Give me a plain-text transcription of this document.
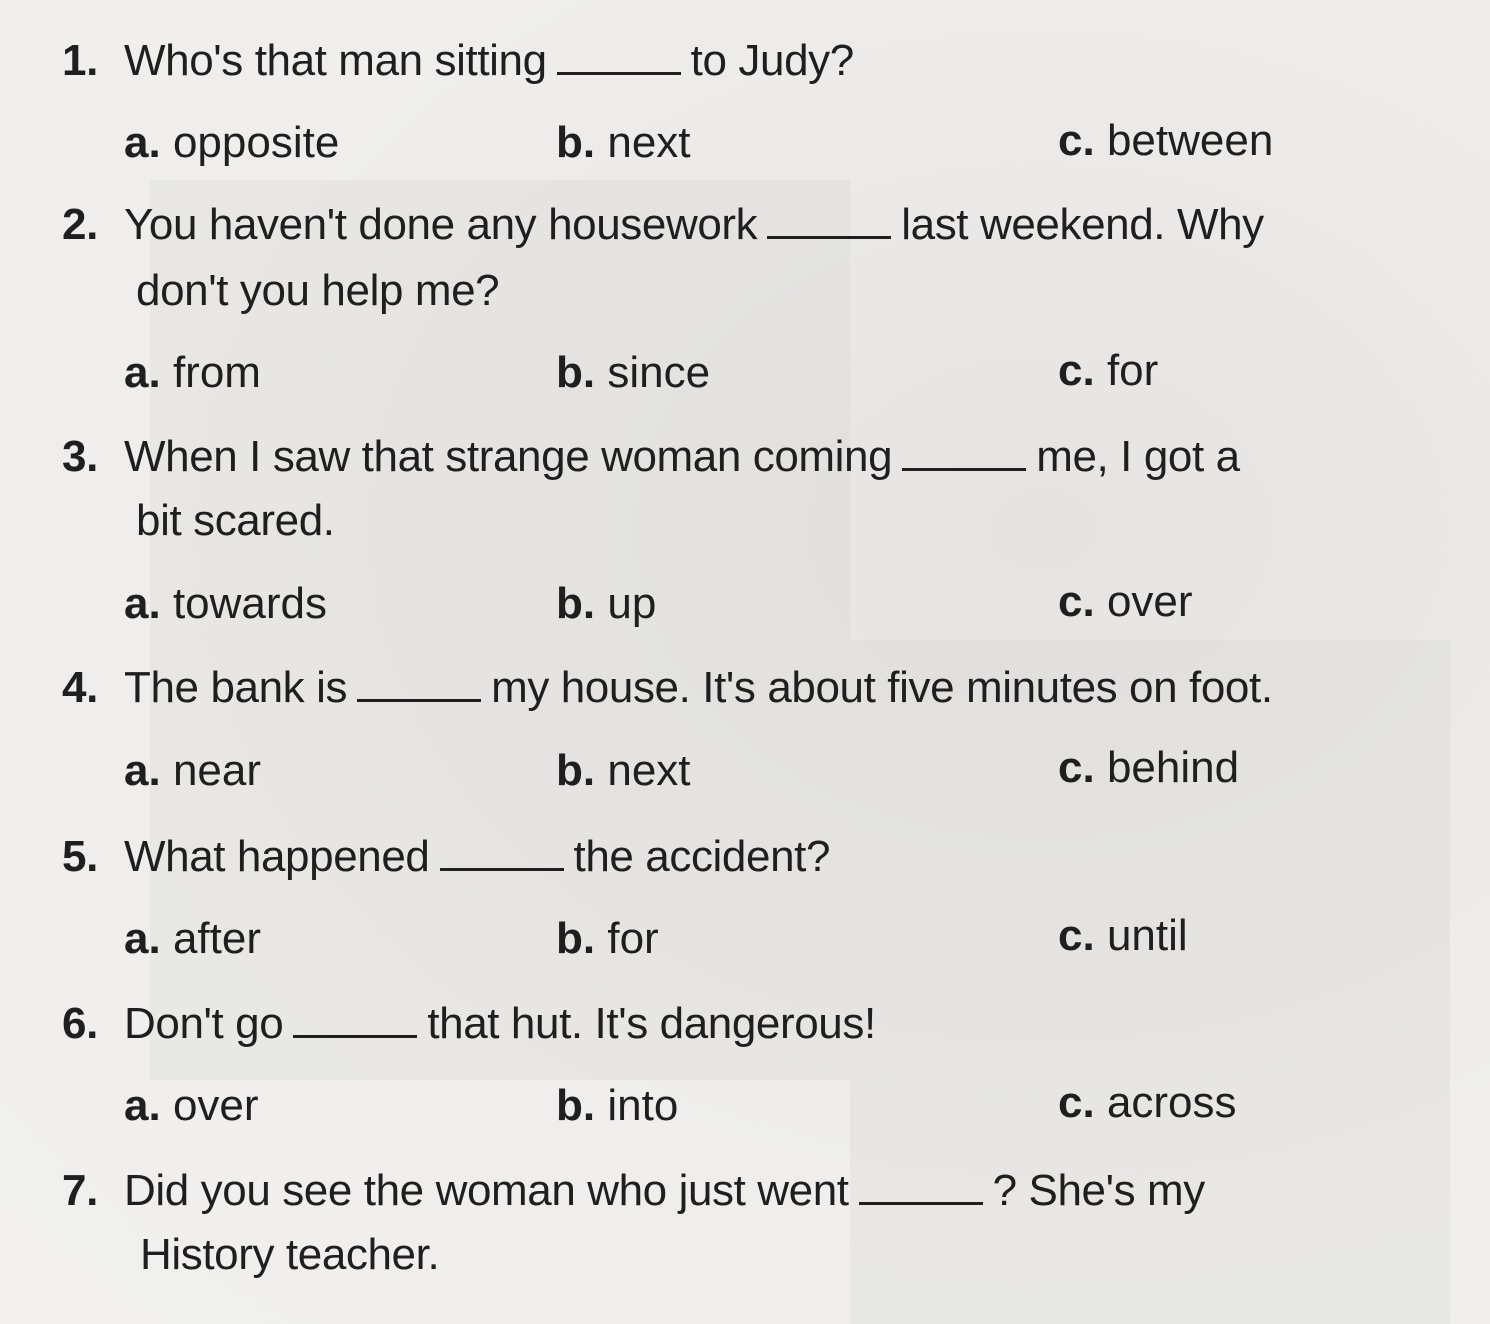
1. Who's that man sitting	to Judy?
a. opposite	b. next	c. between
2. You haven't done any housework	last weekend. Why
don't you help me?
a. from	b. since	c. for
3. When I saw that strange woman coming	me, I got a
bit scared.
a. towards	b. up	c. over
4. The bank is	my house. It's about five minutes on foot.
a. near	b. next	c. behind
5. What happened	the accident?
a. after	b. for	c. until
6. Don't go	that hut. It's dangerous!
a. over	b. into	c. across
7. Did you see the woman who just went	? She's my
History teacher.
